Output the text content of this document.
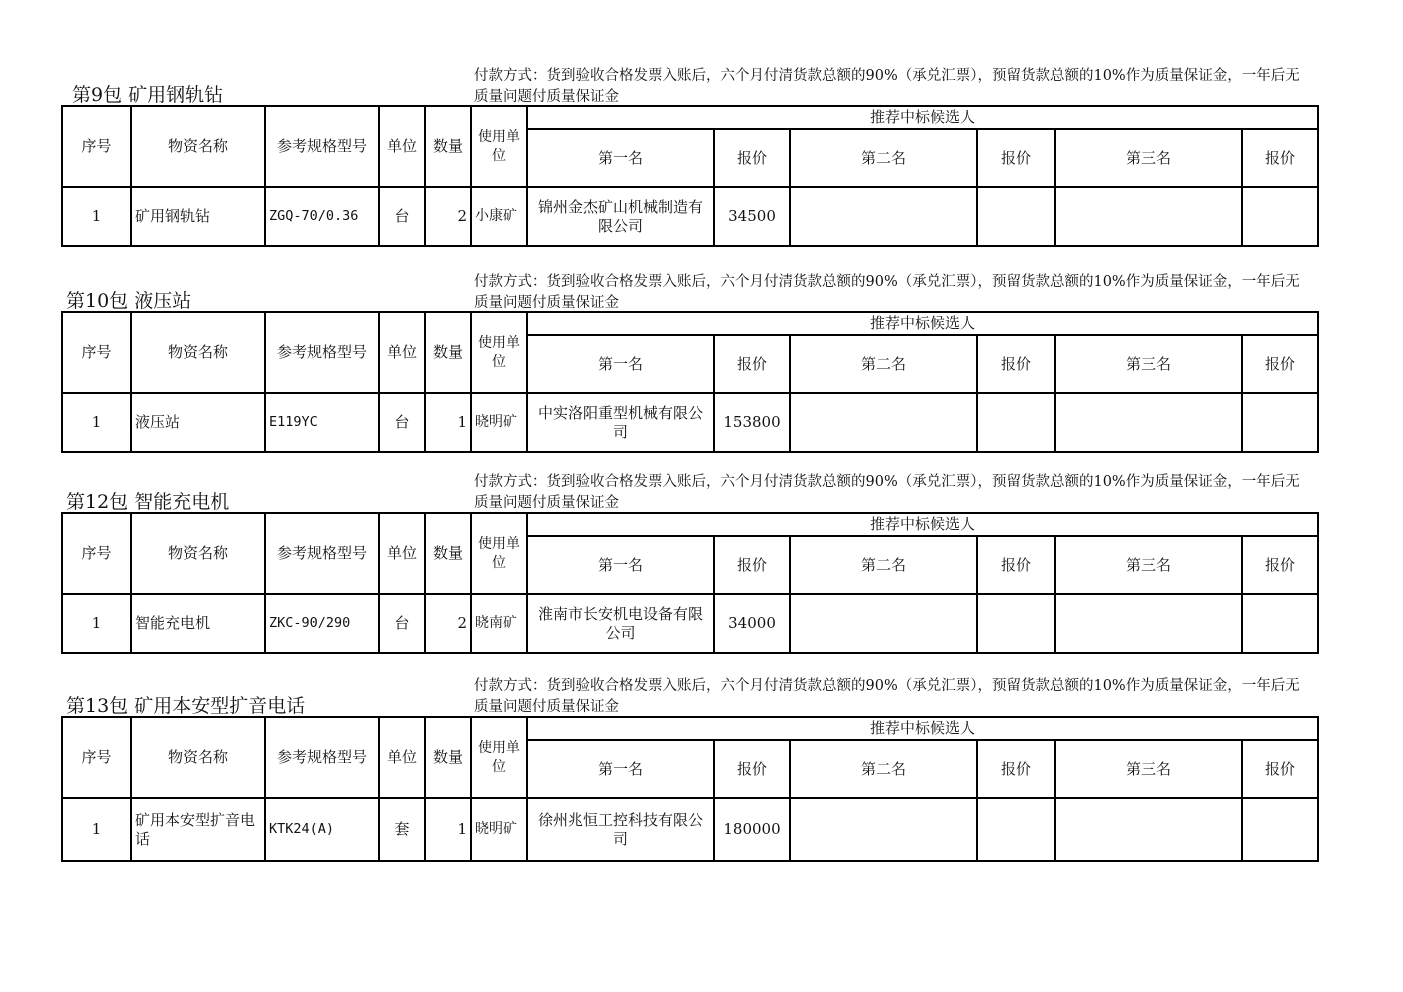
第9包 矿用钢轨钻
付款方式：货到验收合格发票入账后，六个月付清货款总额的90%（承兑汇票），预留货款总额的10%作为质量保证金，一年后无质量问题付质量保证金
序号	物资名称	参考规格型号	单位	数量	使用单位	推荐中标候选人					
						第一名	报价	第二名	报价	第三名	报价
1	矿用钢轨钻	ZGQ-70/0.36	台	2	小康矿	锦州金杰矿山机械制造有限公司	34500				
第10包 液压站
付款方式：货到验收合格发票入账后，六个月付清货款总额的90%（承兑汇票），预留货款总额的10%作为质量保证金，一年后无质量问题付质量保证金
序号	物资名称	参考规格型号	单位	数量	使用单位	推荐中标候选人					
						第一名	报价	第二名	报价	第三名	报价
1	液压站	E119YC	台	1	晓明矿	中实洛阳重型机械有限公司	153800				
第12包 智能充电机
付款方式：货到验收合格发票入账后，六个月付清货款总额的90%（承兑汇票），预留货款总额的10%作为质量保证金，一年后无质量问题付质量保证金
序号	物资名称	参考规格型号	单位	数量	使用单位	推荐中标候选人					
						第一名	报价	第二名	报价	第三名	报价
1	智能充电机	ZKC-90/290	台	2	晓南矿	淮南市长安机电设备有限公司	34000				
第13包 矿用本安型扩音电话
付款方式：货到验收合格发票入账后，六个月付清货款总额的90%（承兑汇票），预留货款总额的10%作为质量保证金，一年后无质量问题付质量保证金
序号	物资名称	参考规格型号	单位	数量	使用单位	推荐中标候选人					
						第一名	报价	第二名	报价	第三名	报价
1	矿用本安型扩音电话	KTK24(A)	套	1	晓明矿	徐州兆恒工控科技有限公司	180000				
